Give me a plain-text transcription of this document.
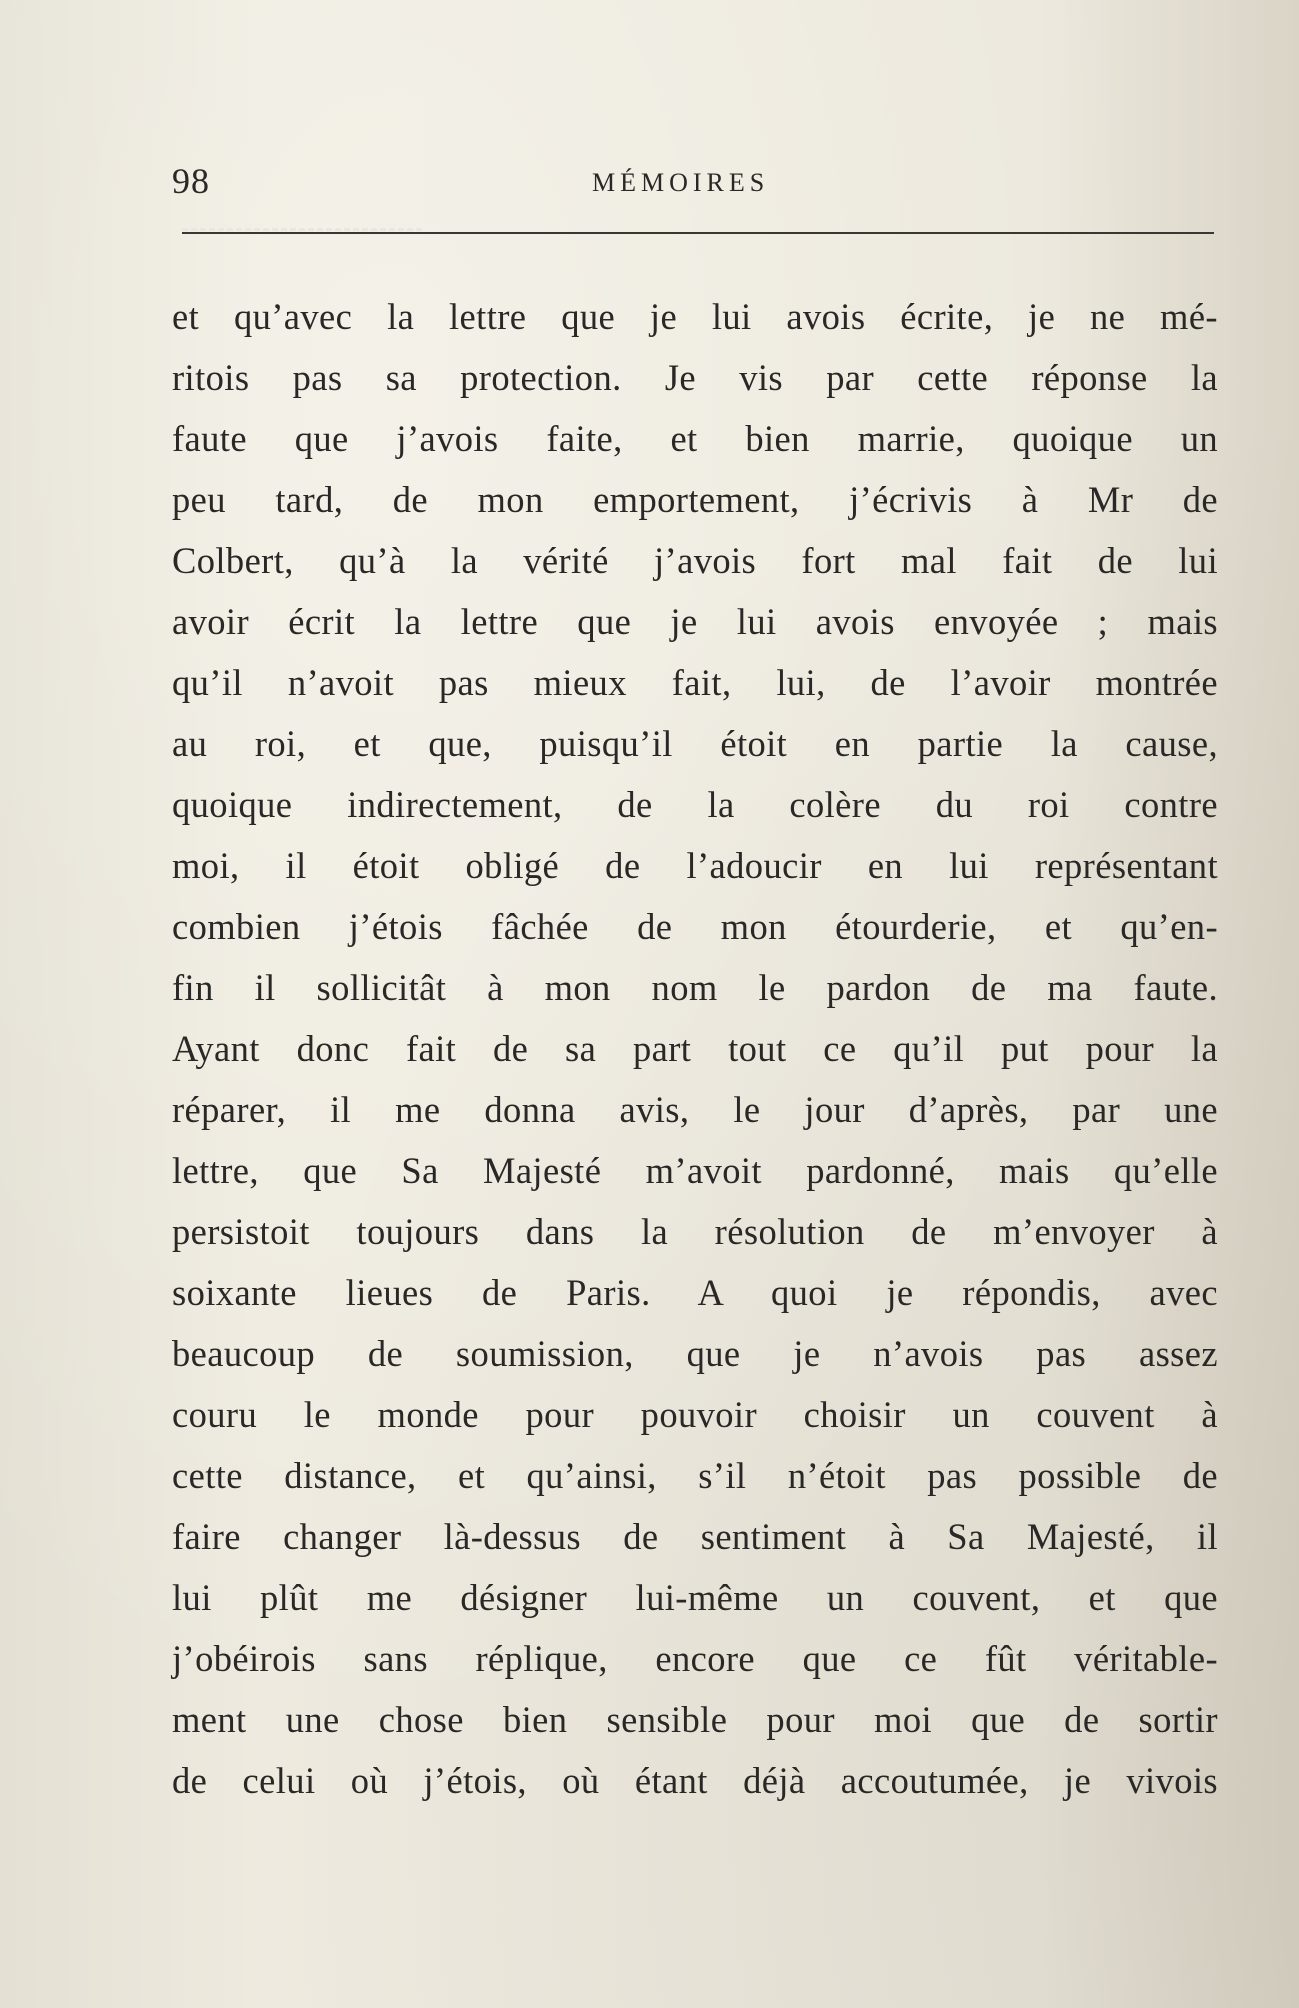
98	MÉMOIRES
et qu’avec la lettre que je lui avois écrite, je ne mé-
ritois pas sa protection. Je vis par cette réponse la
faute que j’avois faite, et bien marrie, quoique un
peu tard, de mon emportement, j’écrivis à Mr de
Colbert, qu’à la vérité j’avois fort mal fait de lui
avoir écrit la lettre que je lui avois envoyée ; mais
qu’il n’avoit pas mieux fait, lui, de l’avoir montrée
au roi, et que, puisqu’il étoit en partie la cause,
quoique indirectement, de la colère du roi contre
moi, il étoit obligé de l’adoucir en lui représentant
combien j’étois fâchée de mon étourderie, et qu’en-
fin il sollicitât à mon nom le pardon de ma faute.
Ayant donc fait de sa part tout ce qu’il put pour la
réparer, il me donna avis, le jour d’après, par une
lettre, que Sa Majesté m’avoit pardonné, mais qu’elle
persistoit toujours dans la résolution de m’envoyer à
soixante lieues de Paris. A quoi je répondis, avec
beaucoup de soumission, que je n’avois pas assez
couru le monde pour pouvoir choisir un couvent à
cette distance, et qu’ainsi, s’il n’étoit pas possible de
faire changer là-dessus de sentiment à Sa Majesté, il
lui plût me désigner lui-même un couvent, et que
j’obéirois sans réplique, encore que ce fût véritable-
ment une chose bien sensible pour moi que de sortir
de celui où j’étois, où étant déjà accoutumée, je vivois
